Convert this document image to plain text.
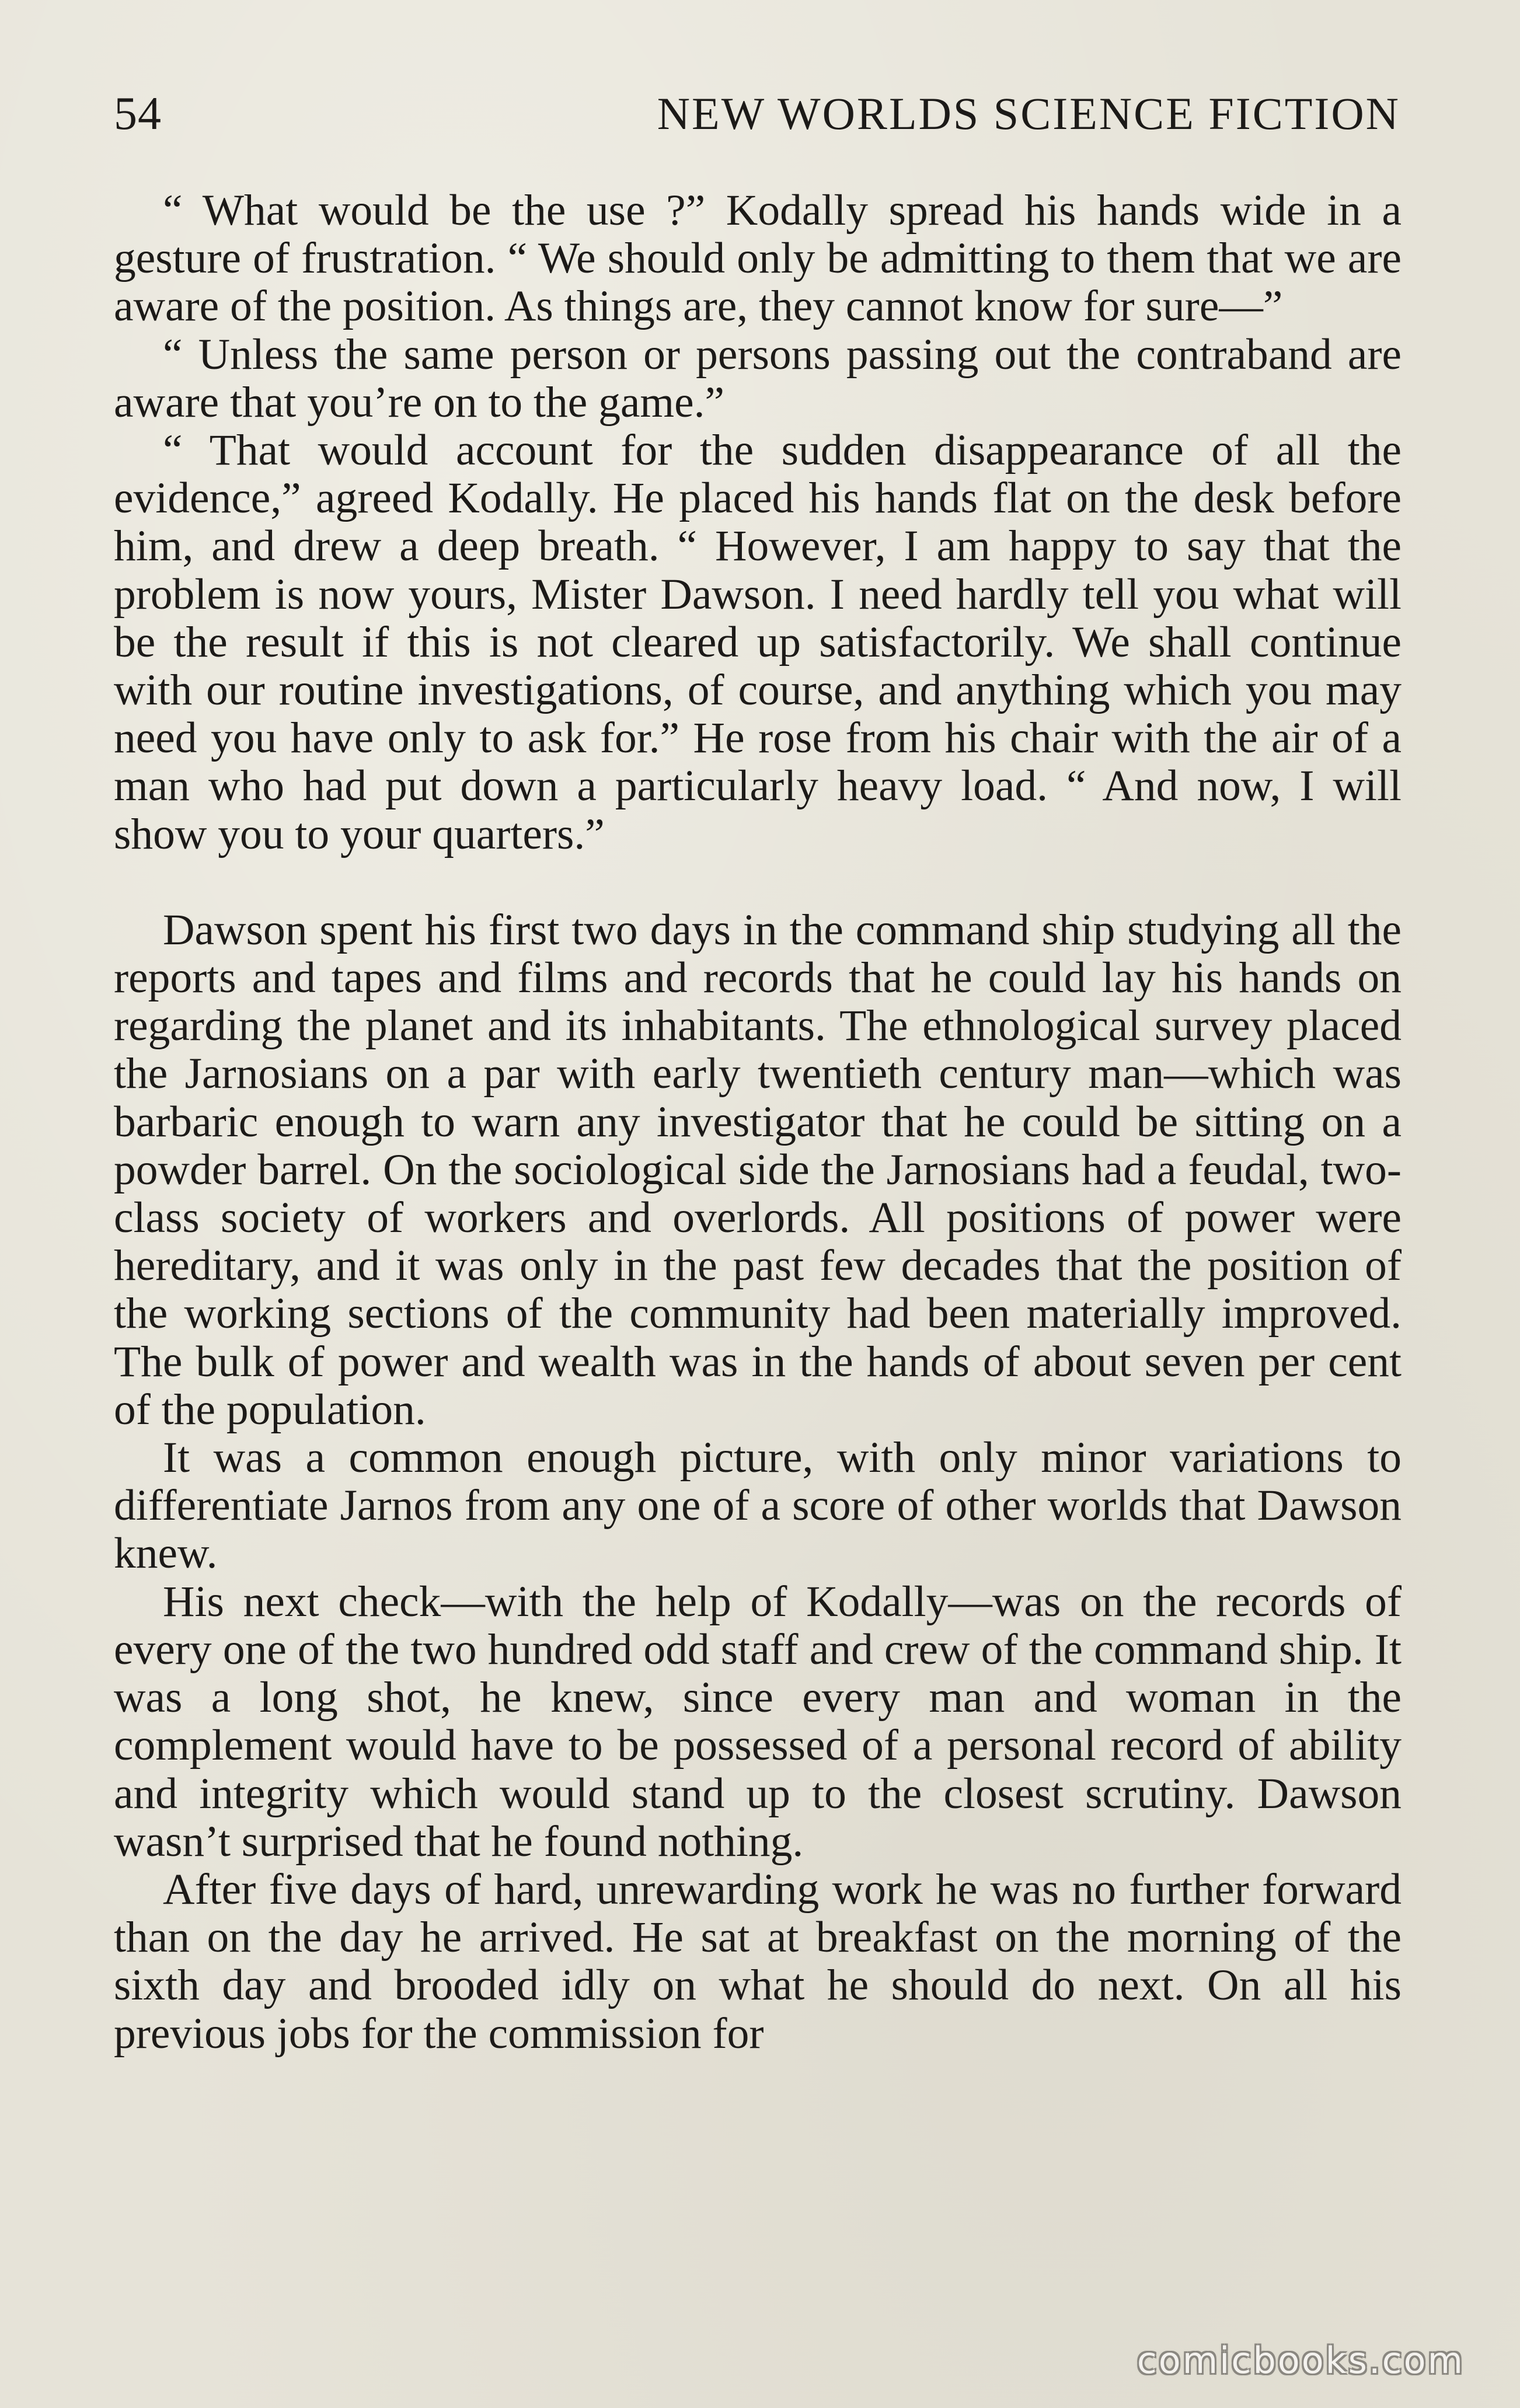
54	NEW WORLDS SCIENCE FICTION

“ What would be the use ?” Kodally spread his hands wide in a gesture of frustration. “ We should only be admitting to them that we are aware of the position. As things are, they cannot know for sure—”

“ Unless the same person or persons passing out the contraband are aware that you’re on to the game.”

“ That would account for the sudden disappearance of all the evidence,” agreed Kodally. He placed his hands flat on the desk before him, and drew a deep breath. “ However, I am happy to say that the problem is now yours, Mister Dawson. I need hardly tell you what will be the result if this is not cleared up satisfactorily. We shall continue with our routine investigations, of course, and anything which you may need you have only to ask for.” He rose from his chair with the air of a man who had put down a particularly heavy load. “ And now, I will show you to your quarters.”

Dawson spent his first two days in the command ship studying all the reports and tapes and films and records that he could lay his hands on regarding the planet and its inhabitants. The ethnological survey placed the Jarnosians on a par with early twentieth century man—which was barbaric enough to warn any investigator that he could be sitting on a powder barrel. On the sociological side the Jarnosians had a feudal, two-class society of workers and overlords. All positions of power were hereditary, and it was only in the past few decades that the position of the working sections of the community had been materially improved. The bulk of power and wealth was in the hands of about seven per cent of the population.

It was a common enough picture, with only minor variations to differentiate Jarnos from any one of a score of other worlds that Dawson knew.

His next check—with the help of Kodally—was on the records of every one of the two hundred odd staff and crew of the command ship. It was a long shot, he knew, since every man and woman in the complement would have to be possessed of a personal record of ability and integrity which would stand up to the closest scrutiny. Dawson wasn’t surprised that he found nothing.

After five days of hard, unrewarding work he was no further forward than on the day he arrived. He sat at breakfast on the morning of the sixth day and brooded idly on what he should do next. On all his previous jobs for the commission for

comicbooks.com
